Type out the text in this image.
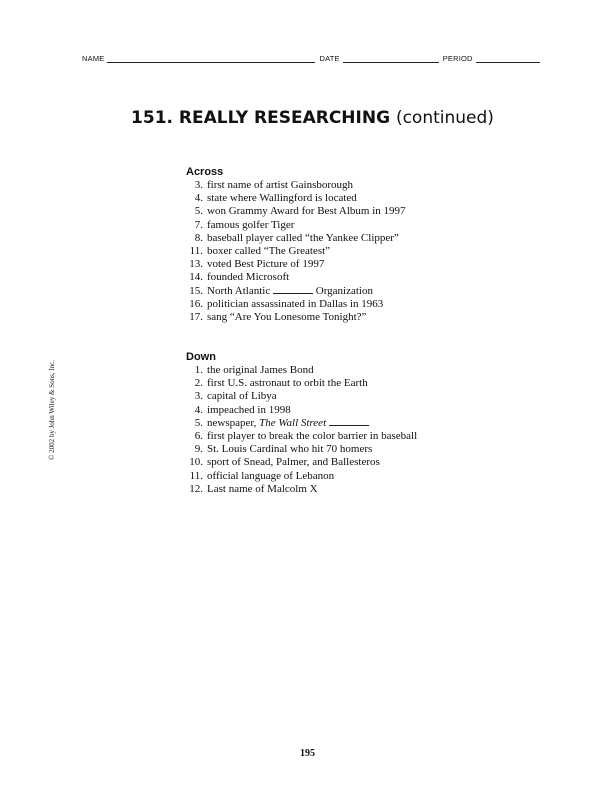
NAME	DATE	PERIOD
151. REALLY RESEARCHING (continued)
Across
3. first name of artist Gainsborough
4. state where Wallingford is located
5. won Grammy Award for Best Album in 1997
7. famous golfer Tiger
8. baseball player called “the Yankee Clipper”
11. boxer called “The Greatest”
13. voted Best Picture of 1997
14. founded Microsoft
15. North Atlantic	Organization
16. politician assassinated in Dallas in 1963
17. sang “Are You Lonesome Tonight?”
Down
1. the original James Bond
2. first U.S. astronaut to orbit the Earth
3. capital of Libya
4. impeached in 1998
5. newspaper, The Wall Street
6. first player to break the color barrier in baseball
9. St. Louis Cardinal who hit 70 homers
10. sport of Snead, Palmer, and Ballesteros
11. official language of Lebanon
12. Last name of Malcolm X
© 2002 by John Wiley & Sons, Inc.
195
